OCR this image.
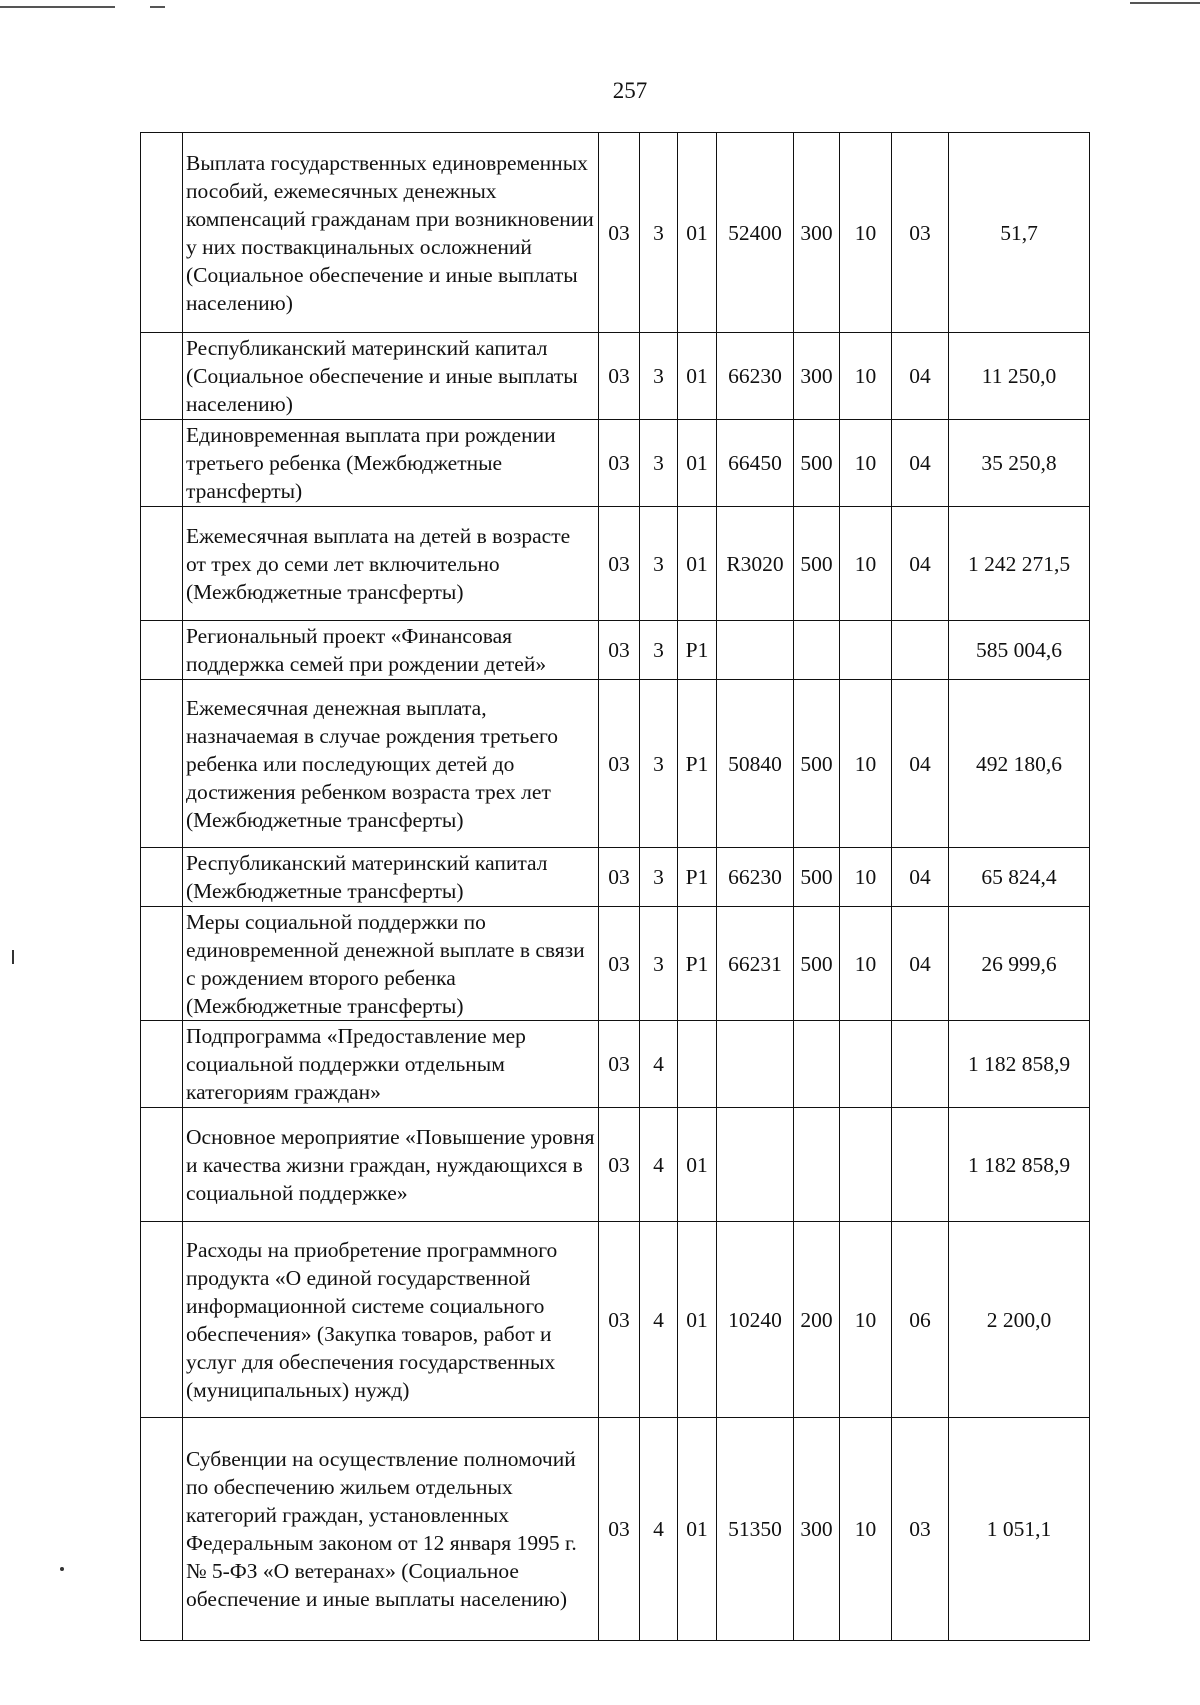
257
	Выплата государственных единовременных пособий, ежемесячных денежных компенсаций гражданам при возникновении у них поствакцинальных осложнений (Социальное обеспечение и иные выплаты населению)	03	3	01	52400	300	10	03	51,7
	Республиканский материнский капитал (Социальное обеспечение и иные выплаты населению)	03	3	01	66230	300	10	04	11 250,0
	Единовременная выплата при рождении третьего ребенка (Межбюджетные трансферты)	03	3	01	66450	500	10	04	35 250,8
	Ежемесячная выплата на детей в возрасте от трех до семи лет включительно (Межбюджетные трансферты)	03	3	01	R3020	500	10	04	1 242 271,5
	Региональный проект «Финансовая поддержка семей при рождении детей»	03	3	P1					585 004,6
	Ежемесячная денежная выплата, назначаемая в случае рождения третьего ребенка или последующих детей до достижения ребенком возраста трех лет (Межбюджетные трансферты)	03	3	P1	50840	500	10	04	492 180,6
	Республиканский материнский капитал (Межбюджетные трансферты)	03	3	P1	66230	500	10	04	65 824,4
	Меры социальной поддержки по единовременной денежной выплате в связи с рождением второго ребенка (Межбюджетные трансферты)	03	3	P1	66231	500	10	04	26 999,6
	Подпрограмма «Предоставление мер социальной поддержки отдельным категориям граждан»	03	4						1 182 858,9
	Основное мероприятие «Повышение уровня и качества жизни граждан, нуждающихся в социальной поддержке»	03	4	01					1 182 858,9
	Расходы на приобретение программного продукта «О единой государственной информационной системе социального обеспечения» (Закупка товаров, работ и услуг для обеспечения государственных (муниципальных) нужд)	03	4	01	10240	200	10	06	2 200,0
	Субвенции на осуществление полномочий по обеспечению жильем отдельных категорий граждан, установленных Федеральным законом от 12 января 1995 г. № 5-ФЗ «О ветеранах» (Социальное обеспечение и иные выплаты населению)	03	4	01	51350	300	10	03	1 051,1
